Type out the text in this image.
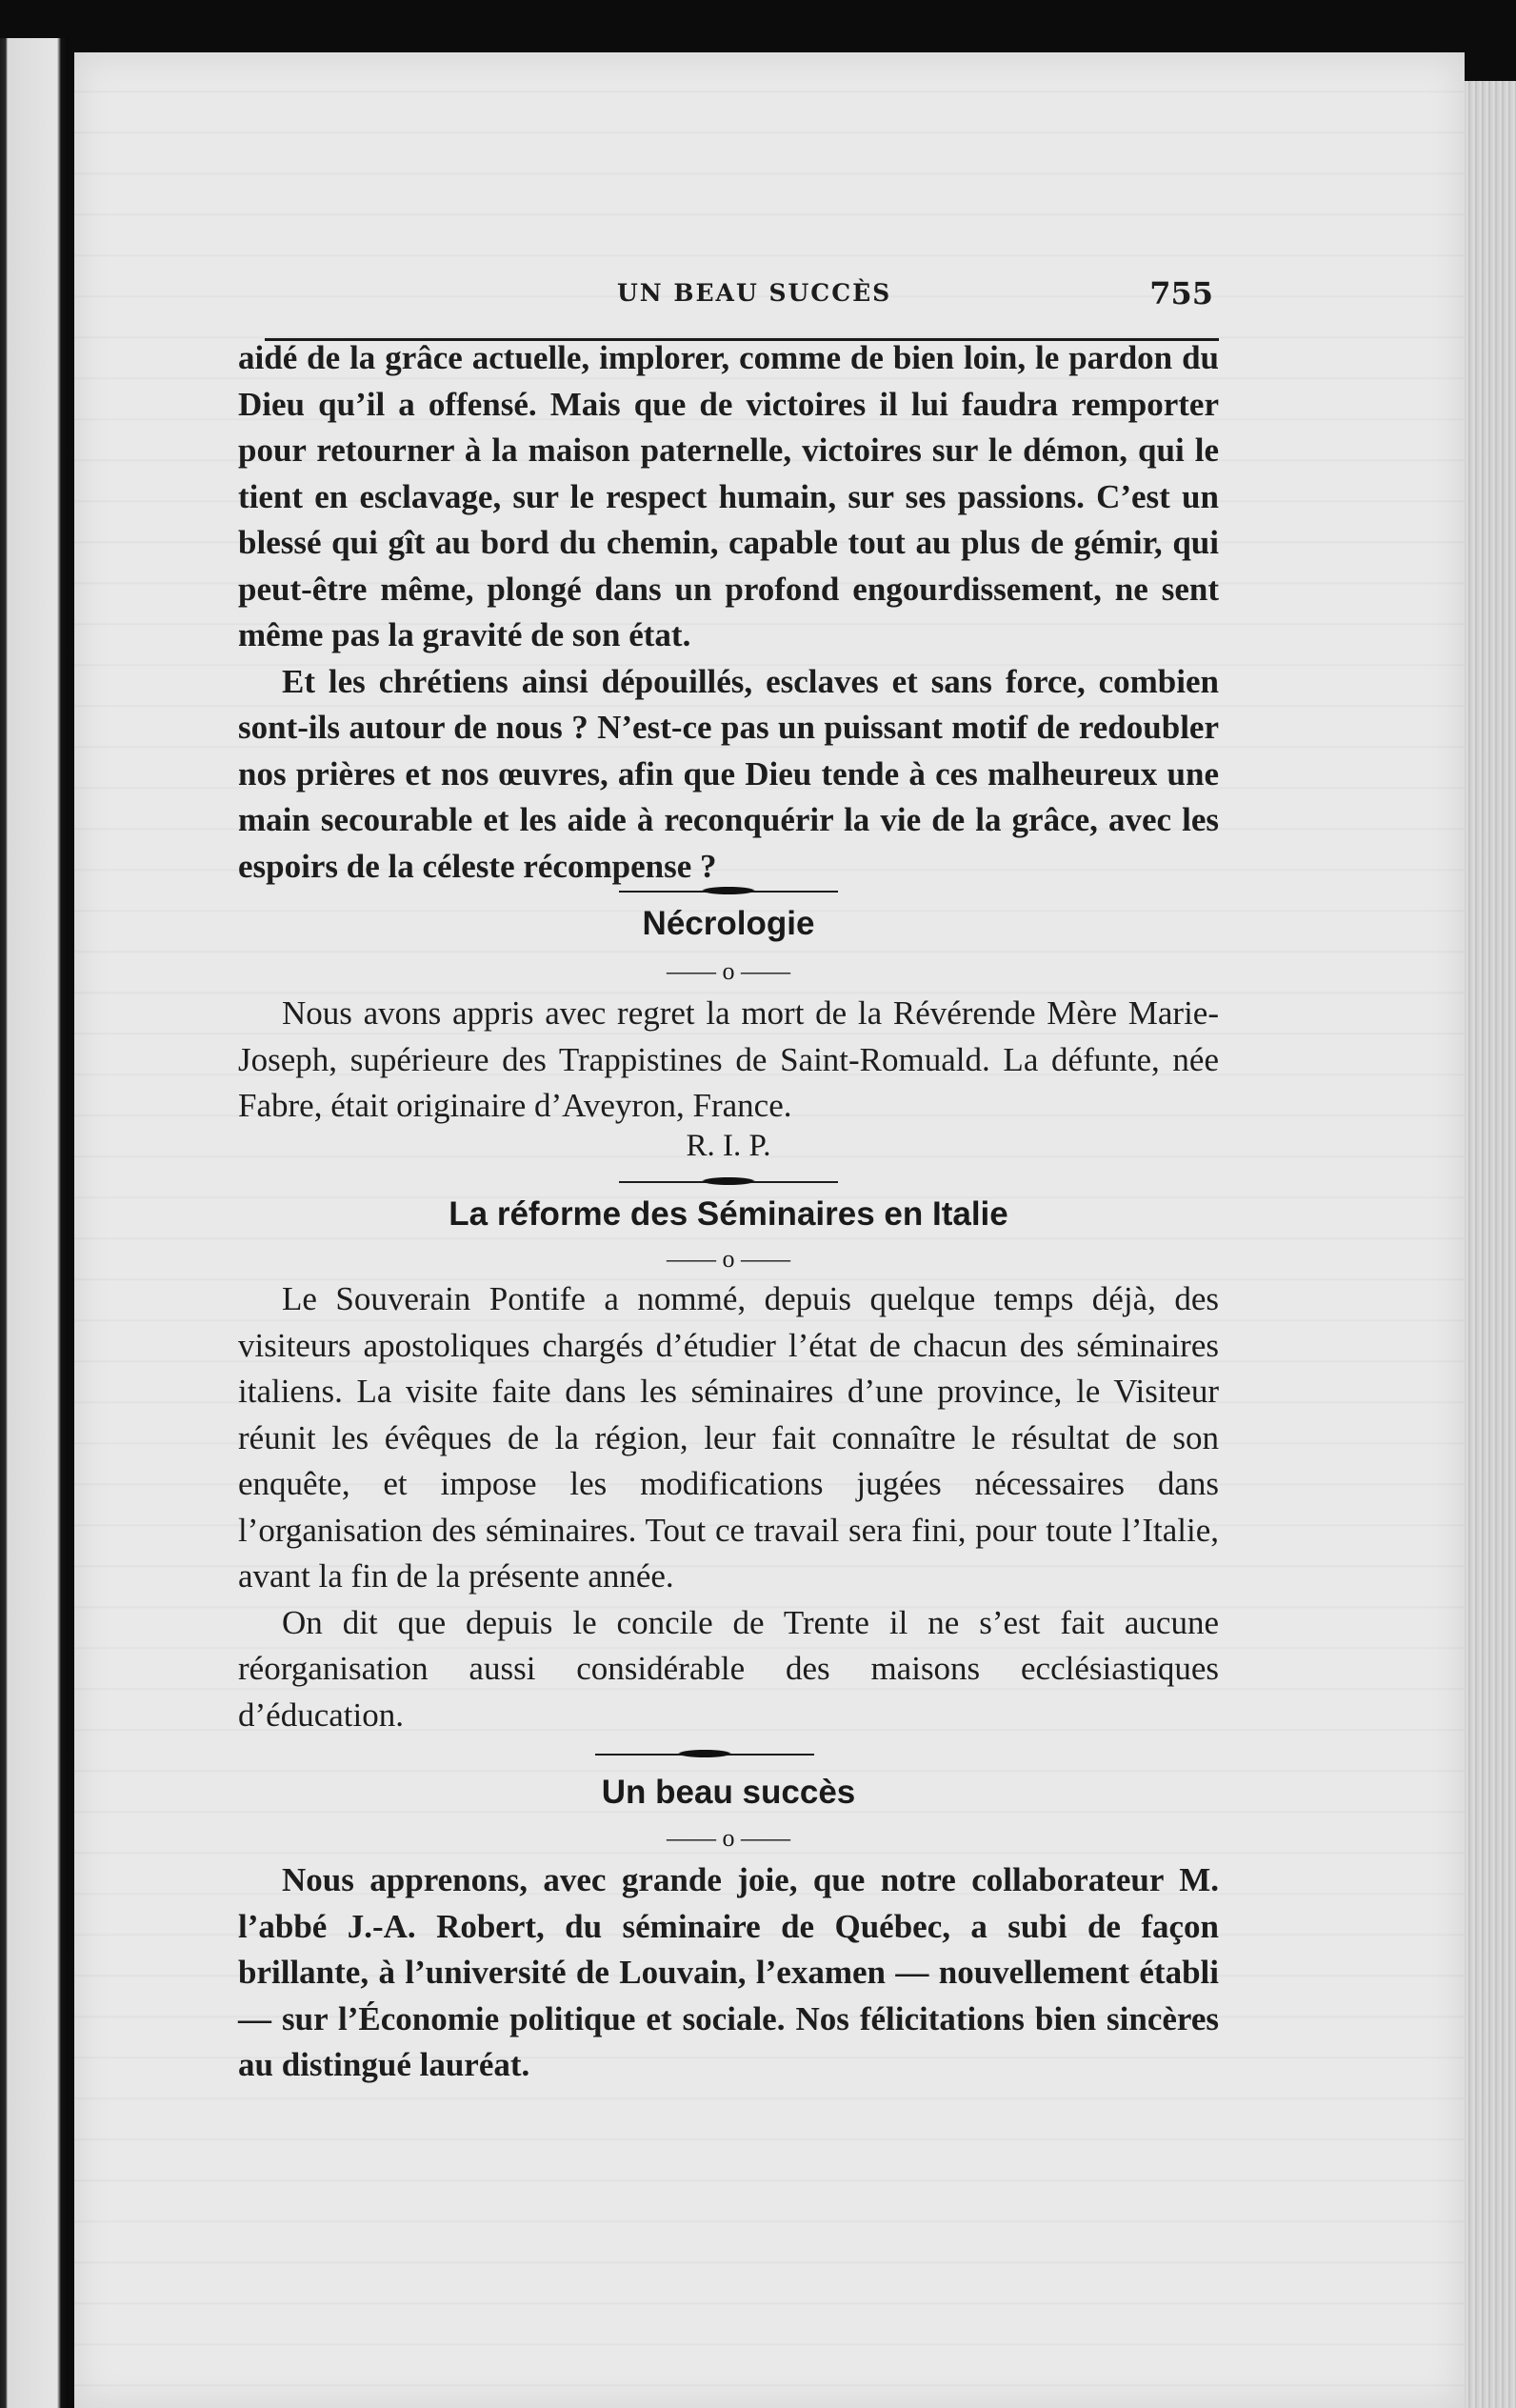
UN BEAU SUCCÈS	755

aidé de la grâce actuelle, implorer, comme de bien loin, le pardon du Dieu qu’il a offensé. Mais que de victoires il lui faudra remporter pour retourner à la maison paternelle, victoires sur le démon, qui le tient en esclavage, sur le respect humain, sur ses passions. C’est un blessé qui gît au bord du chemin, capable tout au plus de gémir, qui peut-être même, plongé dans un profond engourdissement, ne sent même pas la gravité de son état.

Et les chrétiens ainsi dépouillés, esclaves et sans force, combien sont-ils autour de nous ? N’est-ce pas un puissant motif de redoubler nos prières et nos œuvres, afin que Dieu tende à ces malheureux une main secourable et les aide à reconquérir la vie de la grâce, avec les espoirs de la céleste récompense ?

Nécrologie
—— o ——

Nous avons appris avec regret la mort de la Révérende Mère Marie-Joseph, supérieure des Trappistines de Saint-Romuald. La défunte, née Fabre, était originaire d’Aveyron, France.

R. I. P.
La réforme des Séminaires en Italie
—— o ——

Le Souverain Pontife a nommé, depuis quelque temps déjà, des visiteurs apostoliques chargés d’étudier l’état de chacun des séminaires italiens. La visite faite dans les séminaires d’une province, le Visiteur réunit les évêques de la région, leur fait connaître le résultat de son enquête, et impose les modifications jugées nécessaires dans l’organisation des séminaires. Tout ce travail sera fini, pour toute l’Italie, avant la fin de la présente année.

On dit que depuis le concile de Trente il ne s’est fait aucune réorganisation aussi considérable des maisons ecclésiastiques d’éducation.

Un beau succès
—— o ——

Nous apprenons, avec grande joie, que notre collaborateur M. l’abbé J.-A. Robert, du séminaire de Québec, a subi de façon brillante, à l’université de Louvain, l’examen — nouvellement établi — sur l’Économie politique et sociale. Nos félicitations bien sincères au distingué lauréat.
